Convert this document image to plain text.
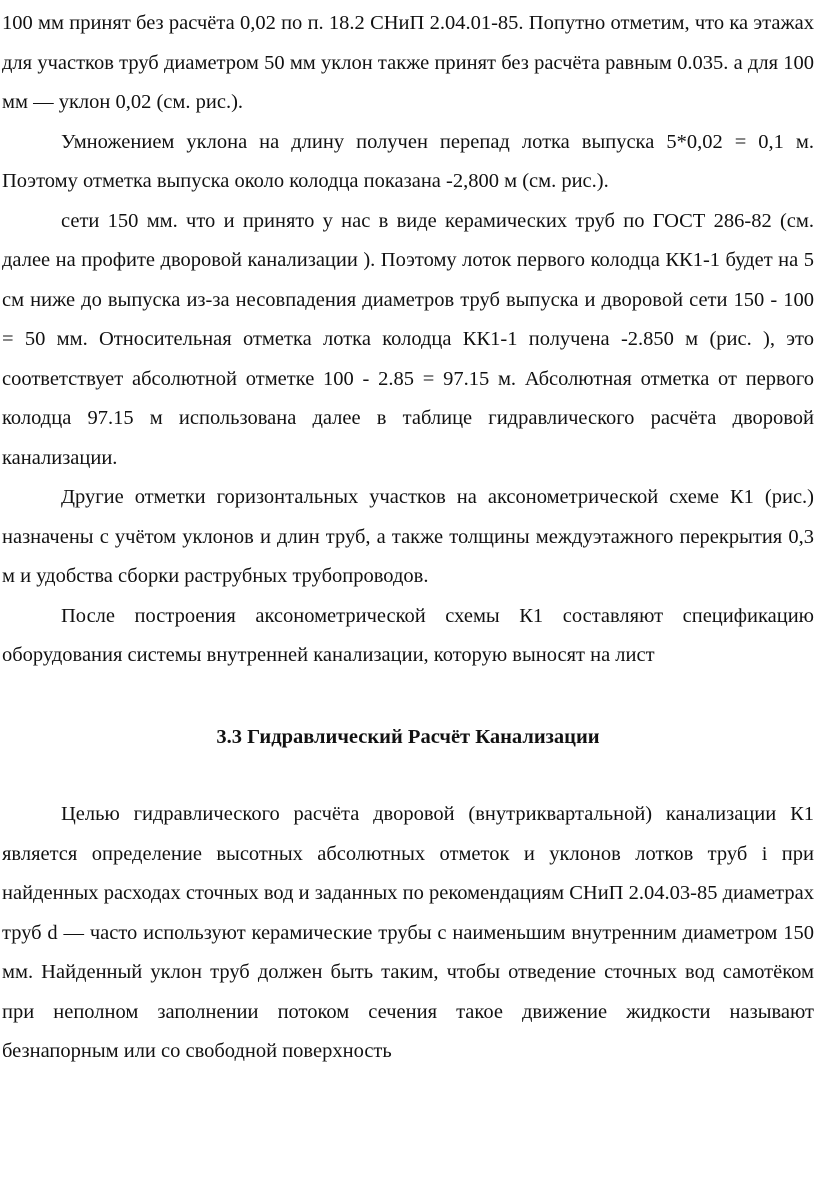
100 мм принят без расчёта 0,02 по п. 18.2 СНиП 2.04.01-85. Попутно отметим, что ка этажах для участков труб диаметром 50 мм уклон также принят без расчёта равным 0.035. а для 100 мм — уклон 0,02 (см. рис.).

Умножением уклона на длину получен перепад лотка выпуска 5*0,02 = 0,1 м. Поэтому отметка выпуска около колодца показана -2,800 м (см. рис.).

сети 150 мм. что и принято у нас в виде керамических труб по ГОСТ 286-82 (см. далее на профите дворовой канализации ). Поэтому лоток первого колодца КК1-1 будет на 5 см ниже до выпуска из-за несовпадения диаметров труб выпуска и дворовой сети 150 - 100 = 50 мм. Относительная отметка лотка колодца КК1-1 получена -2.850 м (рис. ), это соответствует абсолютной отметке 100 - 2.85 = 97.15 м. Абсолютная отметка от первого колодца 97.15 м использована далее в таблице гидравлического расчёта дворовой канализации.

Другие отметки горизонтальных участков на аксонометрической схеме К1 (рис.) назначены с учётом уклонов и длин труб, а также толщины междуэтажного перекрытия 0,3 м и удобства сборки раструбных трубопроводов.

После построения аксонометрической схемы К1 составляют спецификацию оборудования системы внутренней канализации, которую выносят на лист

3.3 Гидравлический Расчёт Канализации

Целью гидравлического расчёта дворовой (внутриквартальной) канализации К1 является определение высотных абсолютных отметок и уклонов лотков труб i при найденных расходах сточных вод и заданных по рекомендациям СНиП 2.04.03-85 диаметрах труб d — часто используют керамические трубы с наименьшим внутренним диаметром 150 мм. Найденный уклон труб должен быть таким, чтобы отведение сточных вод самотёком при неполном заполнении потоком сечения такое движение жидкости называют безнапорным или со свободной поверхность
